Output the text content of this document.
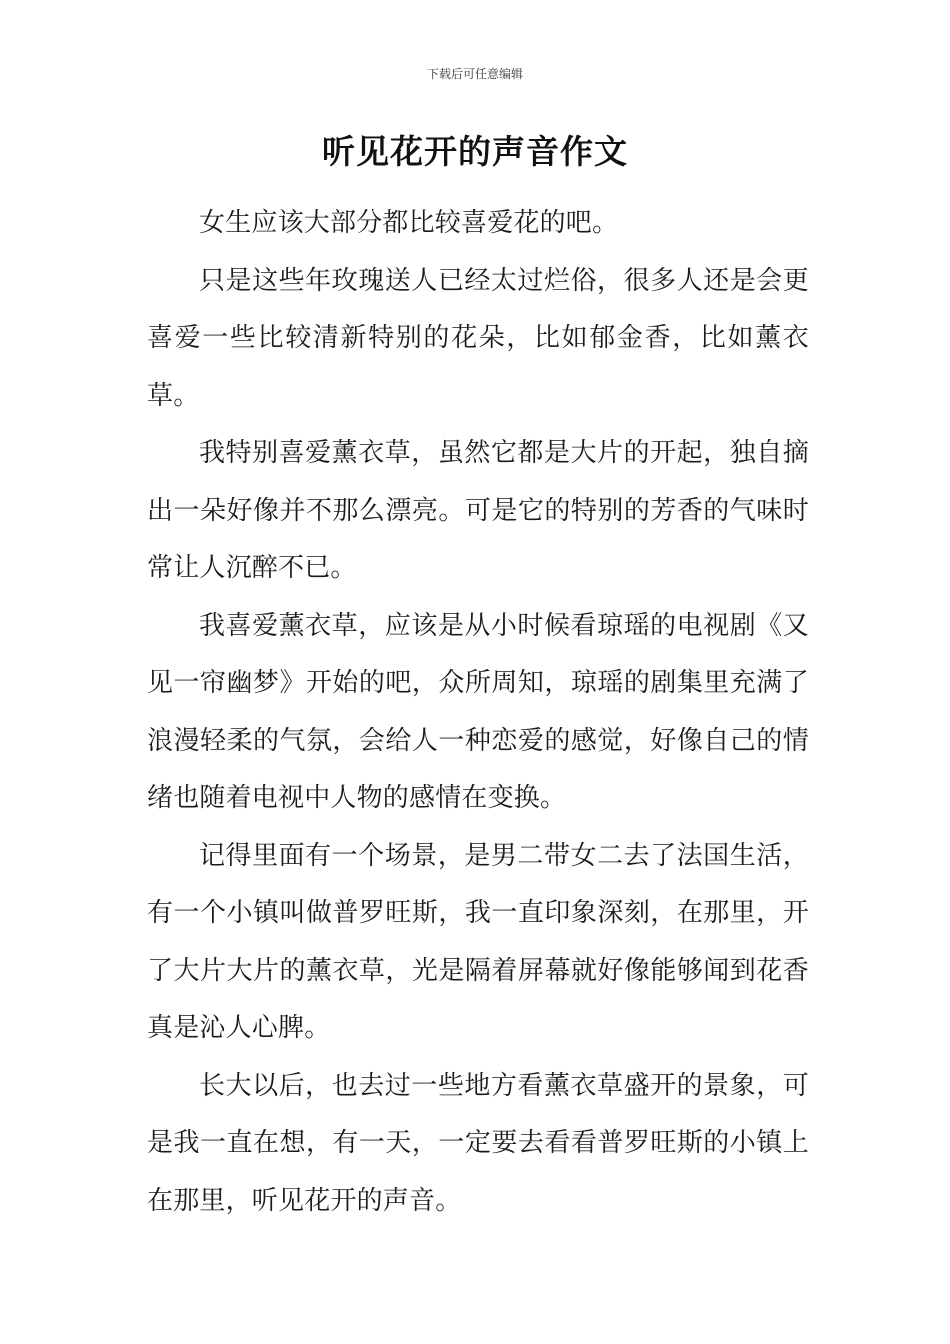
下载后可任意编辑
听见花开的声音作文

女生应该大部分都比较喜爱花的吧。

只是这些年玫瑰送人已经太过烂俗，很多人还是会更喜爱一些比较清新特别的花朵，比如郁金香，比如薰衣草。

我特别喜爱薰衣草，虽然它都是大片的开起，独自摘出一朵好像并不那么漂亮。可是它的特别的芳香的气味时常让人沉醉不已。

我喜爱薰衣草，应该是从小时候看琼瑶的电视剧《又见一帘幽梦》开始的吧，众所周知，琼瑶的剧集里充满了浪漫轻柔的气氛，会给人一种恋爱的感觉，好像自己的情绪也随着电视中人物的感情在变换。

记得里面有一个场景，是男二带女二去了法国生活，有一个小镇叫做普罗旺斯，我一直印象深刻，在那里，开了大片大片的薰衣草，光是隔着屏幕就好像能够闻到花香真是沁人心脾。

长大以后，也去过一些地方看薰衣草盛开的景象，可是我一直在想，有一天，一定要去看看普罗旺斯的小镇上在那里，听见花开的声音。
